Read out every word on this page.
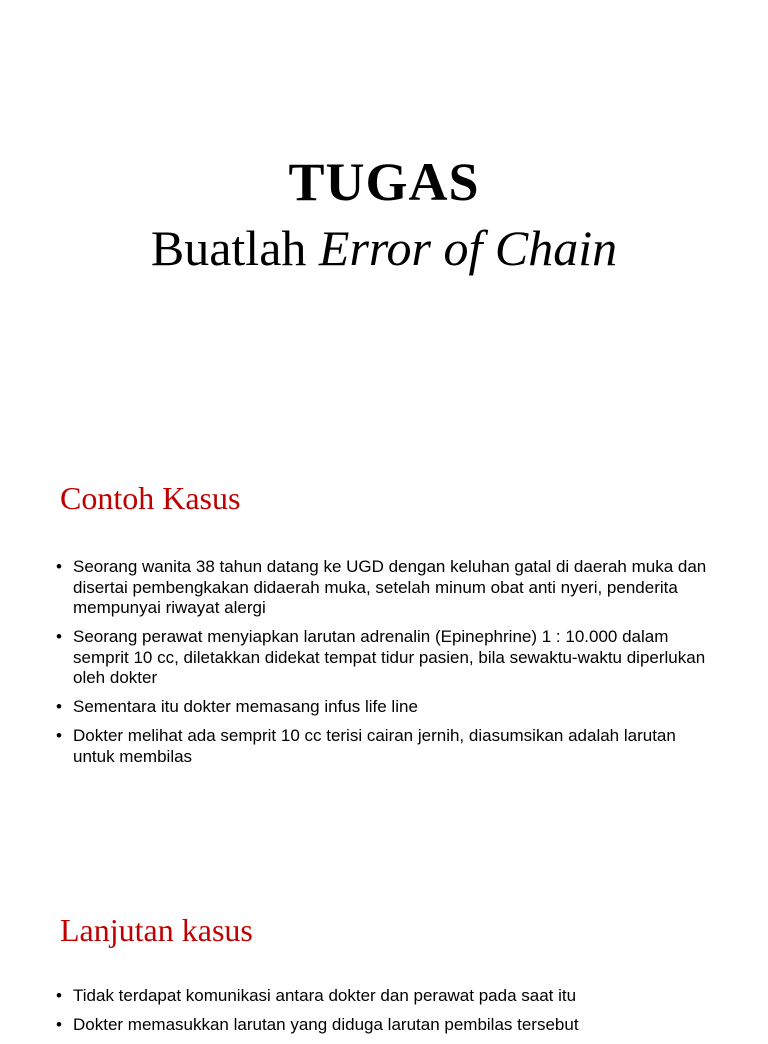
TUGAS
Buatlah Error of Chain
Contoh Kasus
• Seorang wanita 38 tahun datang ke UGD dengan keluhan gatal di daerah muka dan disertai pembengkakan didaerah muka, setelah minum obat anti nyeri, penderita mempunyai riwayat alergi
• Seorang perawat menyiapkan larutan adrenalin (Epinephrine) 1 : 10.000 dalam semprit 10 cc, diletakkan didekat tempat tidur pasien, bila sewaktu-waktu diperlukan oleh dokter
• Sementara itu dokter memasang infus life line
• Dokter melihat ada semprit 10 cc terisi cairan jernih, diasumsikan adalah larutan untuk membilas
Lanjutan kasus
• Tidak terdapat komunikasi antara dokter dan perawat pada saat itu
• Dokter memasukkan larutan yang diduga larutan pembilas tersebut
